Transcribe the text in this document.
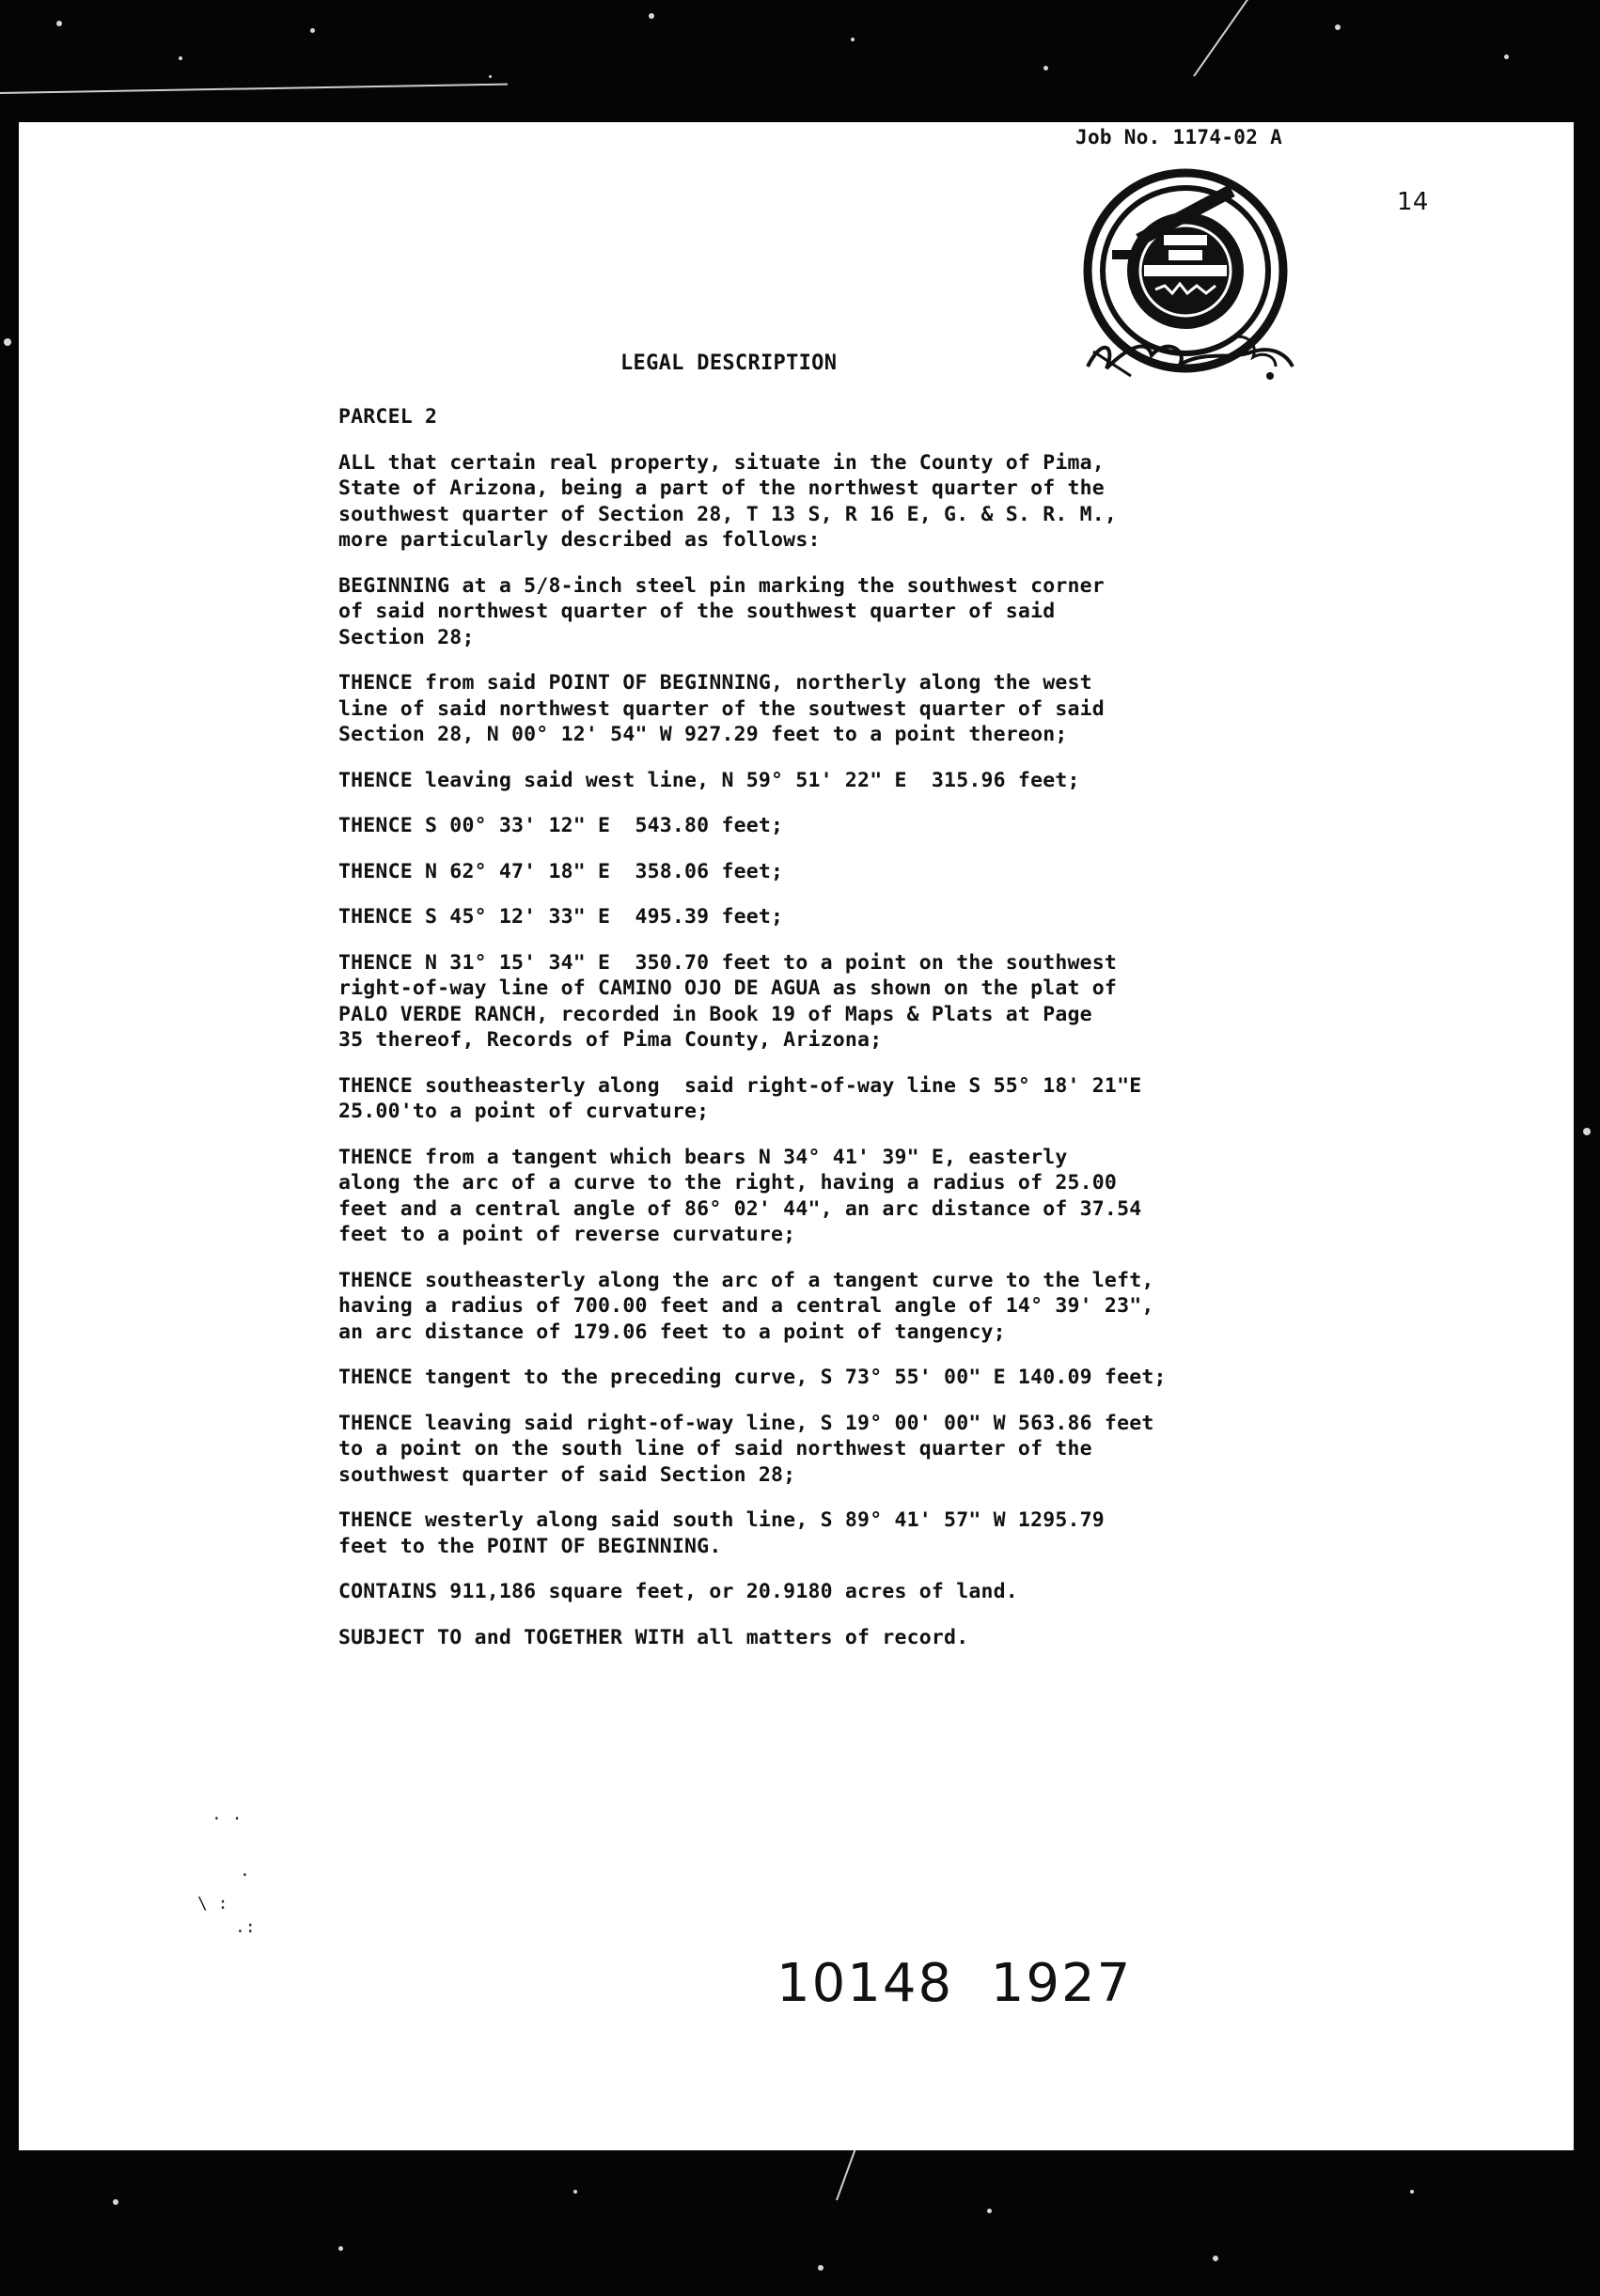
Job No. 1174-02 A
14
LEGAL DESCRIPTION
PARCEL 2
ALL that certain real property, situate in the County of Pima,
State of Arizona, being a part of the northwest quarter of the
southwest quarter of Section 28, T 13 S, R 16 E, G. & S. R. M.,
more particularly described as follows:
BEGINNING at a 5/8-inch steel pin marking the southwest corner
of said northwest quarter of the southwest quarter of said
Section 28;
THENCE from said POINT OF BEGINNING, northerly along the west
line of said northwest quarter of the soutwest quarter of said
Section 28, N 00° 12' 54" W 927.29 feet to a point thereon;
THENCE leaving said west line, N 59° 51' 22" E  315.96 feet;
THENCE S 00° 33' 12" E  543.80 feet;
THENCE N 62° 47' 18" E  358.06 feet;
THENCE S 45° 12' 33" E  495.39 feet;
THENCE N 31° 15' 34" E  350.70 feet to a point on the southwest
right-of-way line of CAMINO OJO DE AGUA as shown on the plat of
PALO VERDE RANCH, recorded in Book 19 of Maps & Plats at Page
35 thereof, Records of Pima County, Arizona;
THENCE southeasterly along  said right-of-way line S 55° 18' 21"E
25.00'to a point of curvature;
THENCE from a tangent which bears N 34° 41' 39" E, easterly
along the arc of a curve to the right, having a radius of 25.00
feet and a central angle of 86° 02' 44", an arc distance of 37.54
feet to a point of reverse curvature;
THENCE southeasterly along the arc of a tangent curve to the left,
having a radius of 700.00 feet and a central angle of 14° 39' 23",
an arc distance of 179.06 feet to a point of tangency;
THENCE tangent to the preceding curve, S 73° 55' 00" E 140.09 feet;
THENCE leaving said right-of-way line, S 19° 00' 00" W 563.86 feet
to a point on the south line of said northwest quarter of the
southwest quarter of said Section 28;
THENCE westerly along said south line, S 89° 41' 57" W 1295.79
feet to the POINT OF BEGINNING.
CONTAINS 911,186 square feet, or 20.9180 acres of land.
SUBJECT TO and TOGETHER WITH all matters of record.
. .
.
\ :
.:
10148  1927
